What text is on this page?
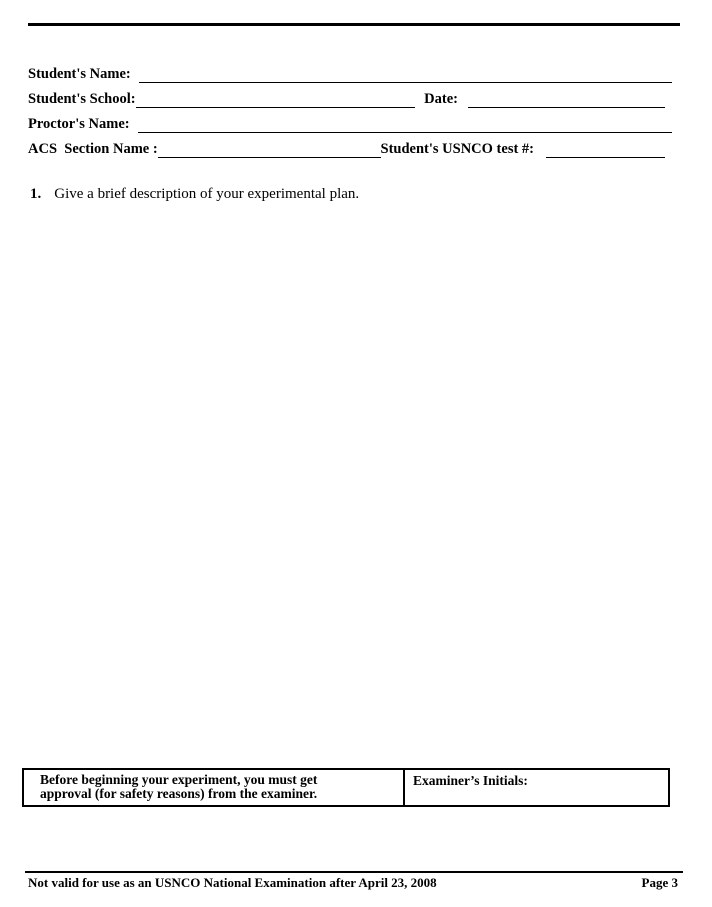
Student's Name:
Student's School:	Date:
Proctor's Name:
ACS  Section Name :	Student's USNCO test #:
1. Give a brief description of your experimental plan.
Before beginning your experiment, you must get
approval (for safety reasons) from the examiner.
Examiner’s Initials:
Not valid for use as an USNCO National Examination after April 23, 2008	Page 3
